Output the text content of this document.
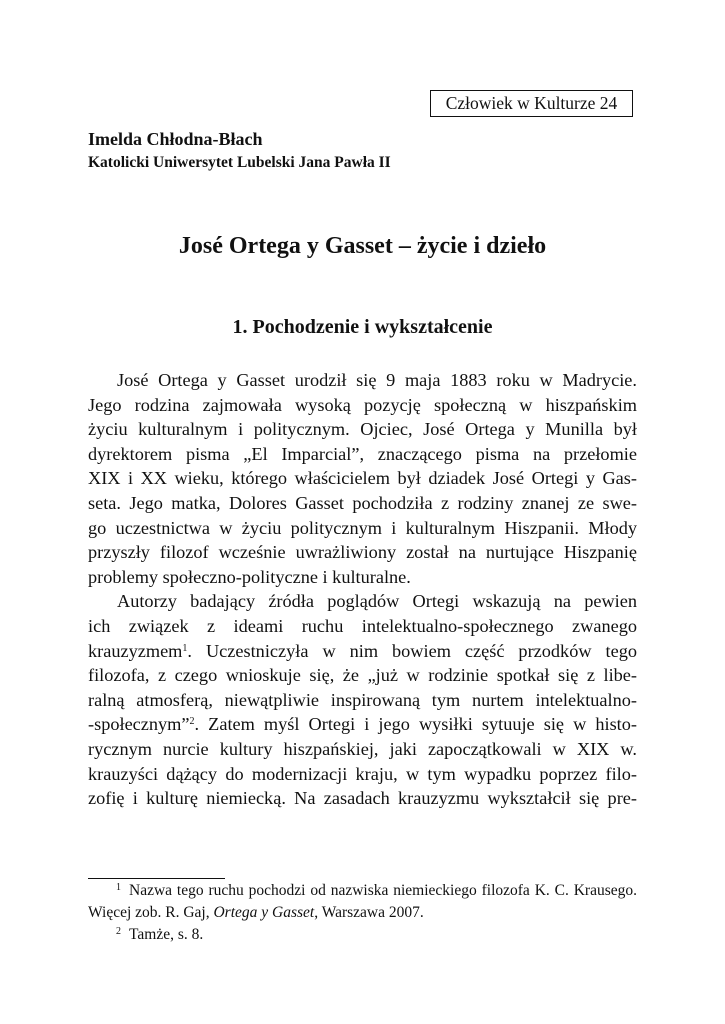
Człowiek w Kulturze 24
Imelda Chłodna-Błach
Katolicki Uniwersytet Lubelski Jana Pawła II
José Ortega y Gasset – życie i dzieło
1. Pochodzenie i wykształcenie
José Ortega y Gasset urodził się 9 maja 1883 roku w Madrycie.
Jego rodzina zajmowała wysoką pozycję społeczną w hiszpańskim
życiu kulturalnym i politycznym. Ojciec, José Ortega y Munilla był
dyrektorem pisma „El Imparcial”, znaczącego pisma na przełomie
XIX i XX wieku, którego właścicielem był dziadek José Ortegi y Gas-
seta. Jego matka, Dolores Gasset pochodziła z rodziny znanej ze swe-
go uczestnictwa w życiu politycznym i kulturalnym Hiszpanii. Młody
przyszły filozof wcześnie uwrażliwiony został na nurtujące Hiszpanię
problemy społeczno-polityczne i kulturalne.
Autorzy badający źródła poglądów Ortegi wskazują na pewien
ich związek z ideami ruchu intelektualno-społecznego zwanego
krauzyzmem$^1$. Uczestniczyła w nim bowiem część przodków tego
filozofa, z czego wnioskuje się, że „już w rodzinie spotkał się z libe-
ralną atmosferą, niewątpliwie inspirowaną tym nurtem intelektualno-
-społecznym”$^2$. Zatem myśl Ortegi i jego wysiłki sytuuje się w histo-
rycznym nurcie kultury hiszpańskiej, jaki zapoczątkowali w XIX w.
krauzyści dążący do modernizacji kraju, w tym wypadku poprzez filo-
zofię i kulturę niemiecką. Na zasadach krauzyzmu wykształcił się pre-
$^1$ Nazwa tego ruchu pochodzi od nazwiska niemieckiego filozofa K. C. Krausego.
Więcej zob. R. Gaj, Ortega y Gasset, Warszawa 2007.
$^2$ Tamże, s. 8.
